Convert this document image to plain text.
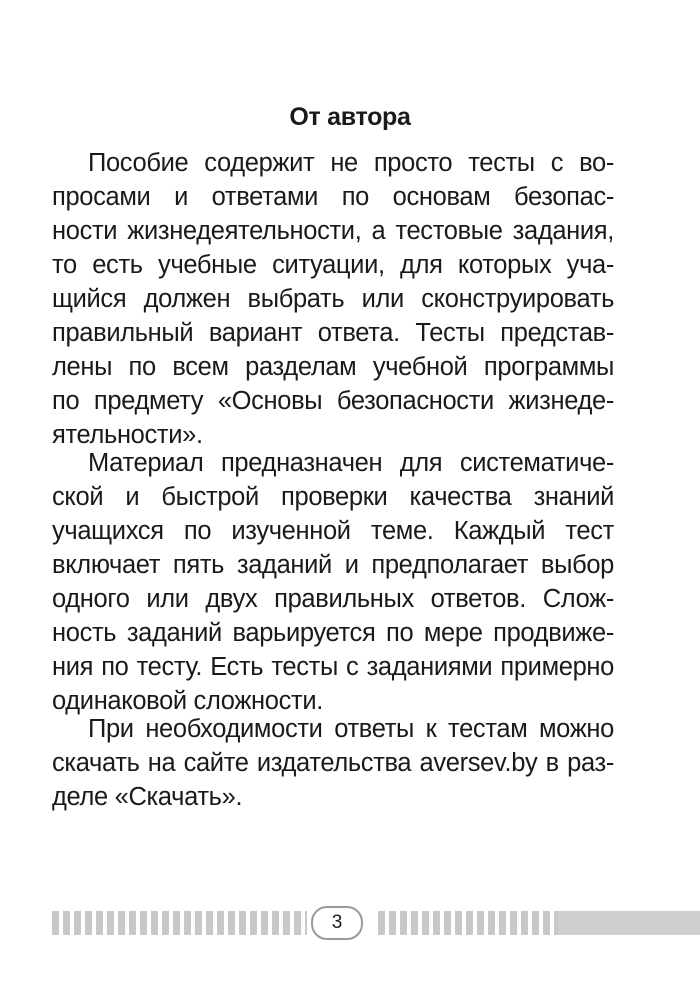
От автора
Пособие содержит не просто тесты с во-
просами и ответами по основам безопас-
ности жизнедеятельности, а тестовые задания,
то есть учебные ситуации, для которых уча-
щийся должен выбрать или сконструировать
правильный вариант ответа. Тесты представ-
лены по всем разделам учебной программы
по предмету «Основы безопасности жизнеде-
ятельности».
Материал предназначен для систематиче-
ской и быстрой проверки качества знаний
учащихся по изученной теме. Каждый тест
включает пять заданий и предполагает выбор
одного или двух правильных ответов. Слож-
ность заданий варьируется по мере продвиже-
ния по тесту. Есть тесты с заданиями примерно
одинаковой сложности.
При необходимости ответы к тестам можно
скачать на сайте издательства aversev.by в раз-
деле «Скачать».
3
